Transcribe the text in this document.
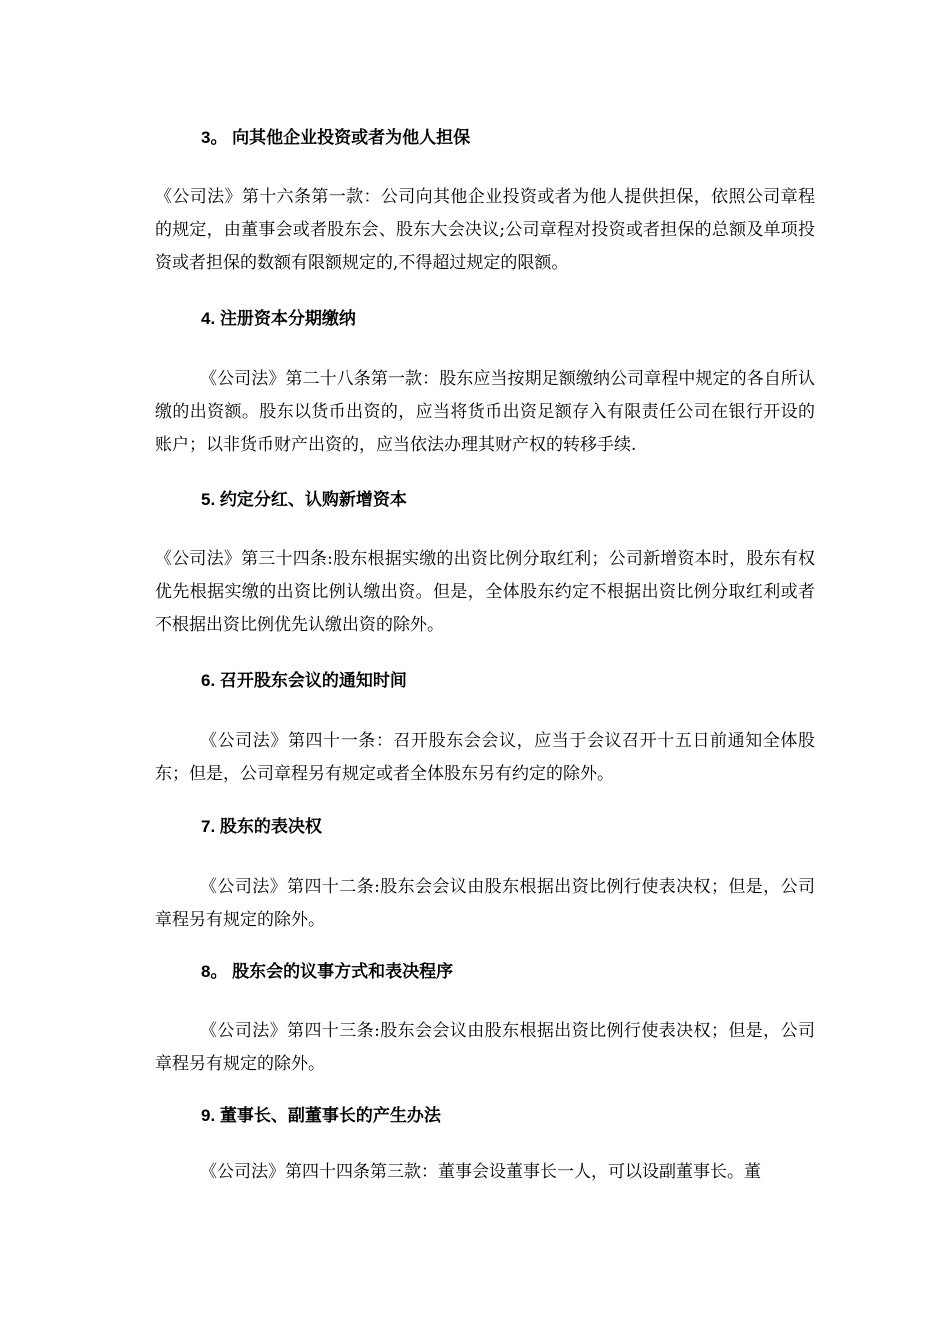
3。 向其他企业投资或者为他人担保

《公司法》第十六条第一款：公司向其他企业投资或者为他人提供担保，依照公司章程的规定，由董事会或者股东会、股东大会决议;公司章程对投资或者担保的总额及单项投资或者担保的数额有限额规定的,不得超过规定的限额。

4. 注册资本分期缴纳

《公司法》第二十八条第一款：股东应当按期足额缴纳公司章程中规定的各自所认缴的出资额。股东以货币出资的，应当将货币出资足额存入有限责任公司在银行开设的账户；以非货币财产出资的，应当依法办理其财产权的转移手续.

5. 约定分红、认购新增资本

《公司法》第三十四条:股东根据实缴的出资比例分取红利；公司新增资本时，股东有权优先根据实缴的出资比例认缴出资。但是，全体股东约定不根据出资比例分取红利或者不根据出资比例优先认缴出资的除外。

6. 召开股东会议的通知时间

《公司法》第四十一条：召开股东会会议，应当于会议召开十五日前通知全体股东；但是，公司章程另有规定或者全体股东另有约定的除外。

7. 股东的表决权

《公司法》第四十二条:股东会会议由股东根据出资比例行使表决权；但是，公司章程另有规定的除外。

8。 股东会的议事方式和表决程序

《公司法》第四十三条:股东会会议由股东根据出资比例行使表决权；但是，公司章程另有规定的除外。

9. 董事长、副董事长的产生办法

《公司法》第四十四条第三款：董事会设董事长一人，可以设副董事长。董
